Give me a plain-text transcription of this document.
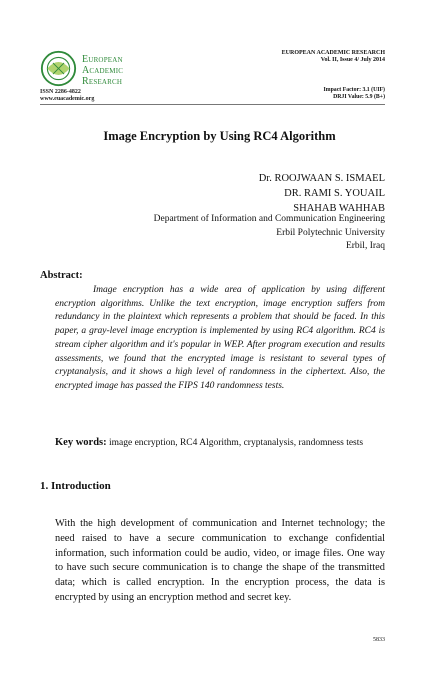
European
Academic
Research
ISSN 2286-4822
www.euacademic.org
EUROPEAN ACADEMIC RESEARCH
Vol. II, Issue 4/ July 2014
Impact Factor: 3.1 (UIF)
DRJI Value: 5.9 (B+)
Image Encryption by Using RC4 Algorithm
Dr. ROOJWAAN S. ISMAEL
DR. RAMI S. YOUAIL
SHAHAB WAHHAB
Department of Information and Communication Engineering
Erbil Polytechnic University
Erbil, Iraq
Abstract:
Image encryption has a wide area of application by using different encryption algorithms. Unlike the text encryption, image encryption suffers from redundancy in the plaintext which represents a problem that should be faced. In this paper, a gray-level image encryption is implemented by using RC4 algorithm. RC4 is stream cipher algorithm and it's popular in WEP. After program execution and results assessments, we found that the encrypted image is resistant to several types of cryptanalysis, and it shows a high level of randomness in the ciphertext. Also, the encrypted image has passed the FIPS 140 randomness tests.
Key words: image encryption, RC4 Algorithm, cryptanalysis, randomness tests
1. Introduction
With the high development of communication and Internet technology; the need raised to have a secure communication to exchange confidential information, such information could be audio, video, or image files. One way to have such secure communication is to change the shape of the transmitted data; which is called encryption. In the encryption process, the data is encrypted by using an encryption method and secret key.
5833
